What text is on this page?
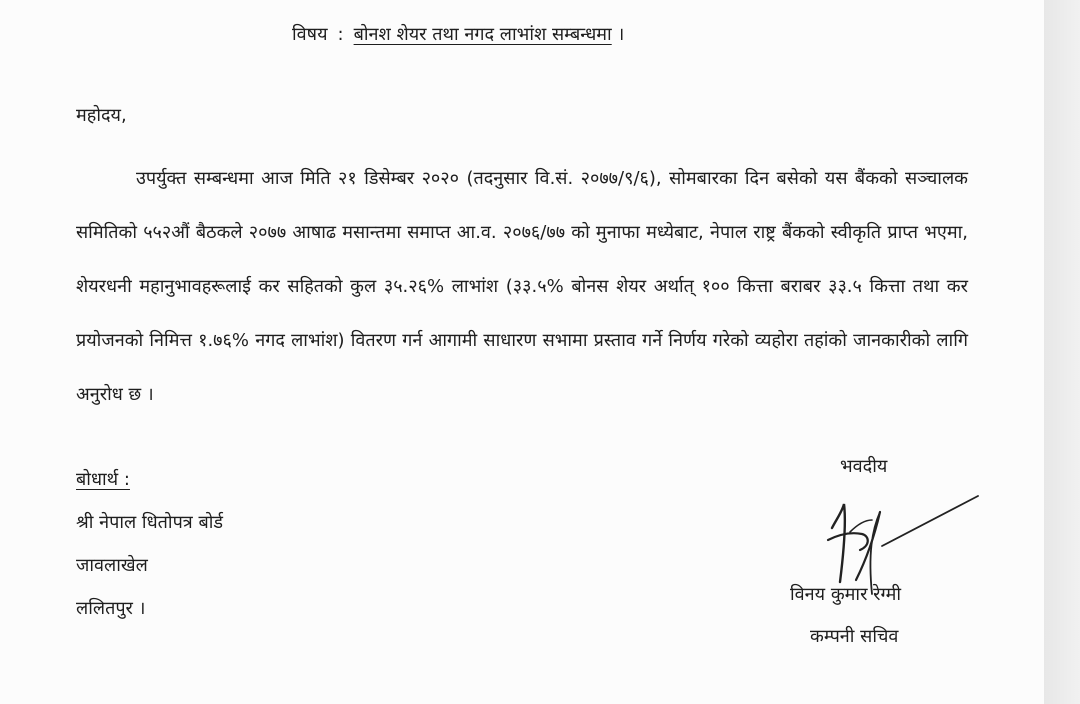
विषय : बोनश शेयर तथा नगद लाभांश सम्बन्धमा ।
महोदय,

उपर्युक्त सम्बन्धमा आज मिति २१ डिसेम्बर २०२० (तदनुसार वि.सं. २०७७/९/६), सोमबारका दिन बसेको यस बैंकको सञ्चालक समितिको ५५२औं बैठकले २०७७ आषाढ मसान्तमा समाप्त आ.व. २०७६/७७ को मुनाफा मध्येबाट, नेपाल राष्ट्र बैंकको स्वीकृति प्राप्त भएमा, शेयरधनी महानुभावहरूलाई कर सहितको कुल ३५.२६% लाभांश (३३.५% बोनस शेयर अर्थात् १०० कित्ता बराबर ३३.५ कित्ता तथा कर प्रयोजनको निमित्त १.७६% नगद लाभांश) वितरण गर्न आगामी साधारण सभामा प्रस्ताव गर्ने निर्णय गरेको व्यहोरा तहांको जानकारीको लागि अनुरोध छ ।

बोधार्थ :
श्री नेपाल धितोपत्र बोर्ड
जावलाखेल
ललितपुर ।
भवदीय
विनय कुमार रेग्मी
कम्पनी सचिव
